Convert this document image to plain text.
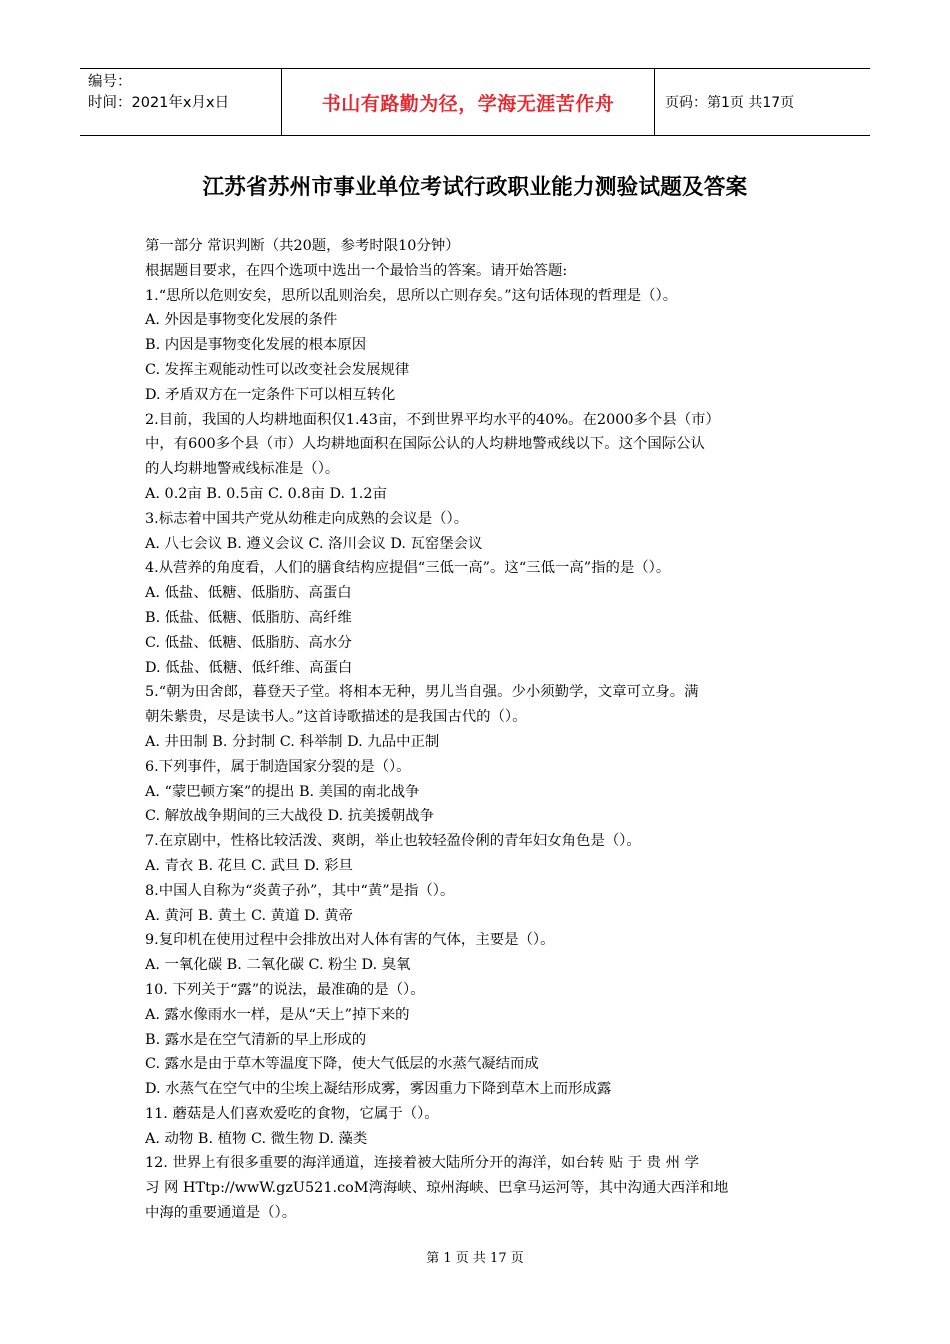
编号：
时间：2021年x月x日	书山有路勤为径，学海无涯苦作舟	页码：第1页 共17页
江苏省苏州市事业单位考试行政职业能力测验试题及答案
第一部分 常识判断（共20题，参考时限10分钟）
根据题目要求，在四个选项中选出一个最恰当的答案。请开始答题:
1.“思所以危则安矣，思所以乱则治矣，思所以亡则存矣。”这句话体现的哲理是（）。
A. 外因是事物变化发展的条件
B. 内因是事物变化发展的根本原因
C. 发挥主观能动性可以改变社会发展规律
D. 矛盾双方在一定条件下可以相互转化
2.目前，我国的人均耕地面积仅1.43亩，不到世界平均水平的40%。在2000多个县（市）
中，有600多个县（市）人均耕地面积在国际公认的人均耕地警戒线以下。这个国际公认
的人均耕地警戒线标准是（）。
A. 0.2亩 B. 0.5亩 C. 0.8亩 D. 1.2亩
3.标志着中国共产党从幼稚走向成熟的会议是（）。
A. 八七会议 B. 遵义会议 C. 洛川会议 D. 瓦窑堡会议
4.从营养的角度看，人们的膳食结构应提倡“三低一高”。这“三低一高”指的是（）。
A. 低盐、低糖、低脂肪、高蛋白
B. 低盐、低糖、低脂肪、高纤维
C. 低盐、低糖、低脂肪、高水分
D. 低盐、低糖、低纤维、高蛋白
5.“朝为田舍郎，暮登天子堂。将相本无种，男儿当自强。少小须勤学，文章可立身。满
朝朱紫贵，尽是读书人。”这首诗歌描述的是我国古代的（）。
A. 井田制 B. 分封制 C. 科举制 D. 九品中正制
6.下列事件，属于制造国家分裂的是（）。
A. “蒙巴顿方案”的提出 B. 美国的南北战争
C. 解放战争期间的三大战役 D. 抗美援朝战争
7.在京剧中，性格比较活泼、爽朗，举止也较轻盈伶俐的青年妇女角色是（）。
A. 青衣 B. 花旦 C. 武旦 D. 彩旦
8.中国人自称为“炎黄子孙”，其中“黄”是指（）。
A. 黄河 B. 黄土 C. 黄道 D. 黄帝
9.复印机在使用过程中会排放出对人体有害的气体，主要是（）。
A. 一氧化碳 B. 二氧化碳 C. 粉尘 D. 臭氧
10. 下列关于“露”的说法，最准确的是（）。
A. 露水像雨水一样，是从“天上”掉下来的
B. 露水是在空气清新的早上形成的
C. 露水是由于草木等温度下降，使大气低层的水蒸气凝结而成
D. 水蒸气在空气中的尘埃上凝结形成雾，雾因重力下降到草木上而形成露
11. 蘑菇是人们喜欢爱吃的食物，它属于（）。
A. 动物 B. 植物 C. 微生物 D. 藻类
12. 世界上有很多重要的海洋通道，连接着被大陆所分开的海洋，如台转 贴 于 贵 州 学
习 网 HTtp://wwW.gzU521.coM湾海峡、琼州海峡、巴拿马运河等，其中沟通大西洋和地
中海的重要通道是（）。
第 1 页 共 17 页
